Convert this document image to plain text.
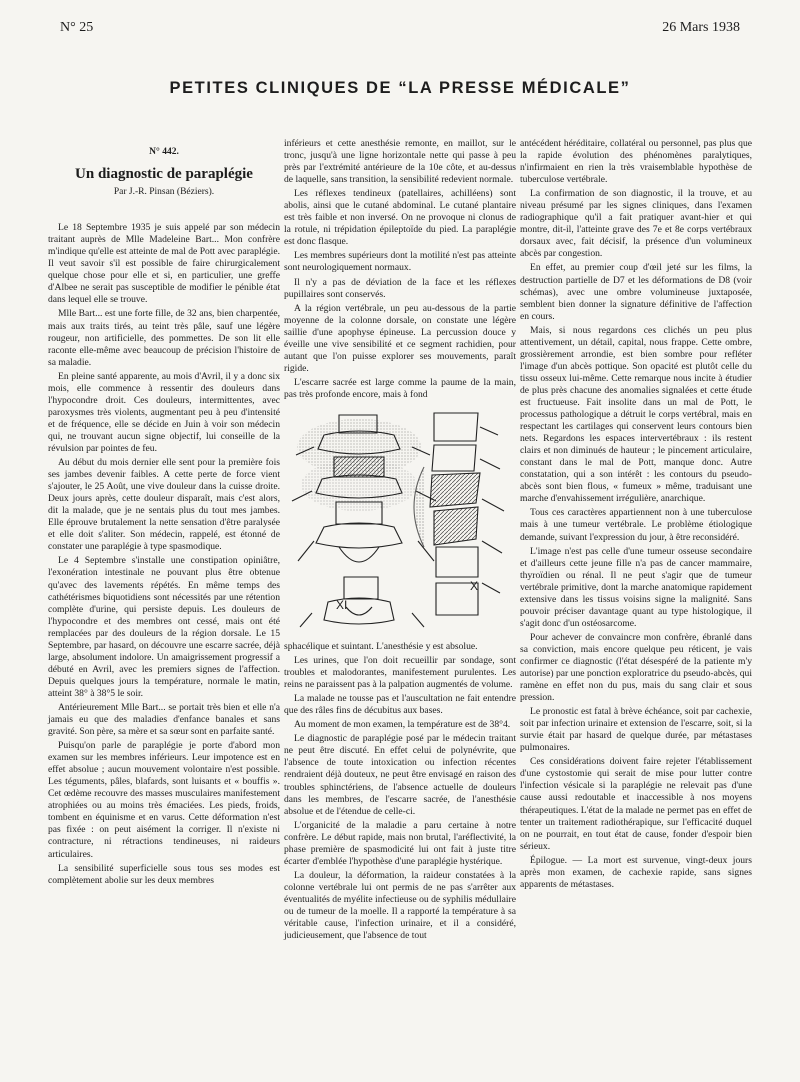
N° 25	26 Mars 1938
PETITES CLINIQUES DE “LA PRESSE MÉDICALE”
N° 442.
Un diagnostic de paraplégie
Par J.-R. Pinsan (Béziers).

Le 18 Septembre 1935 je suis appelé par son médecin traitant auprès de Mlle Madeleine Bart... Mon confrère m'indique qu'elle est atteinte de mal de Pott avec paraplégie. Il veut savoir s'il est possible de faire chirurgicalement quelque chose pour elle et si, en particulier, une greffe d'Albee ne serait pas susceptible de modifier le pénible état dans lequel elle se trouve.

Mlle Bart... est une forte fille, de 32 ans, bien charpentée, mais aux traits tirés, au teint très pâle, sauf une légère rougeur, non artificielle, des pommettes. De son lit elle raconte elle-même avec beaucoup de précision l'histoire de sa maladie.

En pleine santé apparente, au mois d'Avril, il y a donc six mois, elle commence à ressentir des douleurs dans l'hypocondre droit. Ces douleurs, intermittentes, avec paroxysmes très violents, augmentant peu à peu d'intensité et de fréquence, elle se décide en Juin à voir son médecin qui, ne trouvant aucun signe objectif, lui conseille de la révulsion par pointes de feu.

Au début du mois dernier elle sent pour la première fois ses jambes devenir faibles. A cette perte de force vient s'ajouter, le 25 Août, une vive douleur dans la cuisse droite. Deux jours après, cette douleur disparaît, mais c'est alors, dit la malade, que je ne sentais plus du tout mes jambes. Elle éprouve brutalement la nette sensation d'être paralysée et elle doit s'aliter. Son médecin, rappelé, est étonné de constater une paraplégie à type spasmodique.

Le 4 Septembre s'installe une constipation opiniâtre, l'exonération intestinale ne pouvant plus être obtenue qu'avec des lavements répétés. En même temps des cathétérismes biquotidiens sont nécessités par une rétention complète d'urine, qui persiste depuis. Les douleurs de l'hypocondre et des membres ont cessé, mais ont été remplacées par des douleurs de la région dorsale. Le 15 Septembre, par hasard, on découvre une escarre sacrée, déjà large, absolument indolore. Un amaigrissement progressif a débuté en Avril, avec les premiers signes de l'affection. Depuis quelques jours la température, normale le matin, atteint 38° à 38°5 le soir.

Antérieurement Mlle Bart... se portait très bien et elle n'a jamais eu que des maladies d'enfance banales et sans gravité. Son père, sa mère et sa sœur sont en parfaite santé.

Puisqu'on parle de paraplégie je porte d'abord mon examen sur les membres inférieurs. Leur impotence est en effet absolue ; aucun mouvement volontaire n'est possible. Les téguments, pâles, blafards, sont luisants et « bouffis ». Cet œdème recouvre des masses musculaires manifestement atrophiées ou au moins très émaciées. Les pieds, froids, tombent en équinisme et en varus. Cette déformation n'est pas fixée : on peut aisément la corriger. Il n'existe ni contracture, ni rétractions tendineuses, ni raideurs articulaires.

La sensibilité superficielle sous tous ses modes est complètement abolie sur les deux membres

inférieurs et cette anesthésie remonte, en maillot, sur le tronc, jusqu'à une ligne horizontale nette qui passe à peu près par l'extrémité antérieure de la 10e côte, et au-dessus de laquelle, sans transition, la sensibilité redevient normale.

Les réflexes tendineux (patellaires, achilléens) sont abolis, ainsi que le cutané abdominal. Le cutané plantaire est très faible et non inversé. On ne provoque ni clonus de la rotule, ni trépidation épileptoïde du pied. La paraplégie est donc flasque.

Les membres supérieurs dont la motilité n'est pas atteinte sont neurologiquement normaux.

Il n'y a pas de déviation de la face et les réflexes pupillaires sont conservés.

A la région vertébrale, un peu au-dessous de la partie moyenne de la colonne dorsale, on constate une légère saillie d'une apophyse épineuse. La percussion douce y éveille une vive sensibilité et ce segment rachidien, pour autant que l'on puisse explorer ses mouvements, paraît rigide.

L'escarre sacrée est large comme la paume de la main, pas très profonde encore, mais à fond

XI
X

sphacélique et suintant. L'anesthésie y est absolue.

Les urines, que l'on doit recueillir par sondage, sont troubles et malodorantes, manifestement purulentes. Les reins ne paraissent pas à la palpation augmentés de volume.

La malade ne tousse pas et l'auscultation ne fait entendre que des râles fins de décubitus aux bases.

Au moment de mon examen, la température est de 38°4.

Le diagnostic de paraplégie posé par le médecin traitant ne peut être discuté. En effet celui de polynévrite, que l'absence de toute intoxication ou infection récentes rendraient déjà douteux, ne peut être envisagé en raison des troubles sphinctériens, de l'absence actuelle de douleurs dans les membres, de l'escarre sacrée, de l'anesthésie absolue et de l'étendue de celle-ci.

L'organicité de la maladie a paru certaine à notre confrère. Le début rapide, mais non brutal, l'aréflectivité, la phase première de spasmodicité lui ont fait à juste titre écarter d'emblée l'hypothèse d'une paraplégie hystérique.

La douleur, la déformation, la raideur constatées à la colonne vertébrale lui ont permis de ne pas s'arrêter aux éventualités de myélite infectieuse ou de syphilis médullaire ou de tumeur de la moelle. Il a rapporté la température à sa véritable cause, l'infection urinaire, et il a considéré, judicieusement, que l'absence de tout

antécédent héréditaire, collatéral ou personnel, pas plus que la rapide évolution des phénomènes paralytiques, n'infirmaient en rien la très vraisemblable hypothèse de tuberculose vertébrale.

La confirmation de son diagnostic, il la trouve, et au niveau présumé par les signes cliniques, dans l'examen radiographique qu'il a fait pratiquer avant-hier et qui montre, dit-il, l'atteinte grave des 7e et 8e corps vertébraux dorsaux avec, fait décisif, la présence d'un volumineux abcès par congestion.

En effet, au premier coup d'œil jeté sur les films, la destruction partielle de D7 et les déformations de D8 (voir schémas), avec une ombre volumineuse juxtaposée, semblent bien donner la signature définitive de l'affection en cours.

Mais, si nous regardons ces clichés un peu plus attentivement, un détail, capital, nous frappe. Cette ombre, grossièrement arrondie, est bien sombre pour refléter l'image d'un abcès pottique. Son opacité est plutôt celle du tissu osseux lui-même. Cette remarque nous incite à étudier de plus près chacune des anomalies signalées et cette étude est fructueuse. Fait insolite dans un mal de Pott, le processus pathologique a détruit le corps vertébral, mais en respectant les cartilages qui conservent leurs contours bien nets. Regardons les espaces intervertébraux : ils restent clairs et non diminués de hauteur ; le pincement articulaire, constant dans le mal de Pott, manque donc. Autre constatation, qui a son intérêt : les contours du pseudo-abcès sont bien flous, « fumeux » même, traduisant une marche d'envahissement irrégulière, anarchique.

Tous ces caractères appartiennent non à une tuberculose mais à une tumeur vertébrale. Le problème étiologique demande, suivant l'expression du jour, à être reconsidéré.

L'image n'est pas celle d'une tumeur osseuse secondaire et d'ailleurs cette jeune fille n'a pas de cancer mammaire, thyroïdien ou rénal. Il ne peut s'agir que de tumeur vertébrale primitive, dont la marche anatomique rapidement extensive dans les tissus voisins signe la malignité. Sans pouvoir préciser davantage quant au type histologique, il s'agit donc d'un ostéosarcome.

Pour achever de convaincre mon confrère, ébranlé dans sa conviction, mais encore quelque peu réticent, je vais confirmer ce diagnostic (l'état désespéré de la patiente m'y autorise) par une ponction exploratrice du pseudo-abcès, qui ramène en effet non du pus, mais du sang clair et sous pression.

Le pronostic est fatal à brève échéance, soit par cachexie, soit par infection urinaire et extension de l'escarre, soit, si la survie était par hasard de quelque durée, par métastases pulmonaires.

Ces considérations doivent faire rejeter l'établissement d'une cystostomie qui serait de mise pour lutter contre l'infection vésicale si la paraplégie ne relevait pas d'une cause aussi redoutable et inaccessible à nos moyens thérapeutiques. L'état de la malade ne permet pas en effet de tenter un traitement radiothérapique, sur l'efficacité duquel on ne pourrait, en tout état de cause, fonder d'espoir bien sérieux.

Épilogue. — La mort est survenue, vingt-deux jours après mon examen, de cachexie rapide, sans signes apparents de métastases.
